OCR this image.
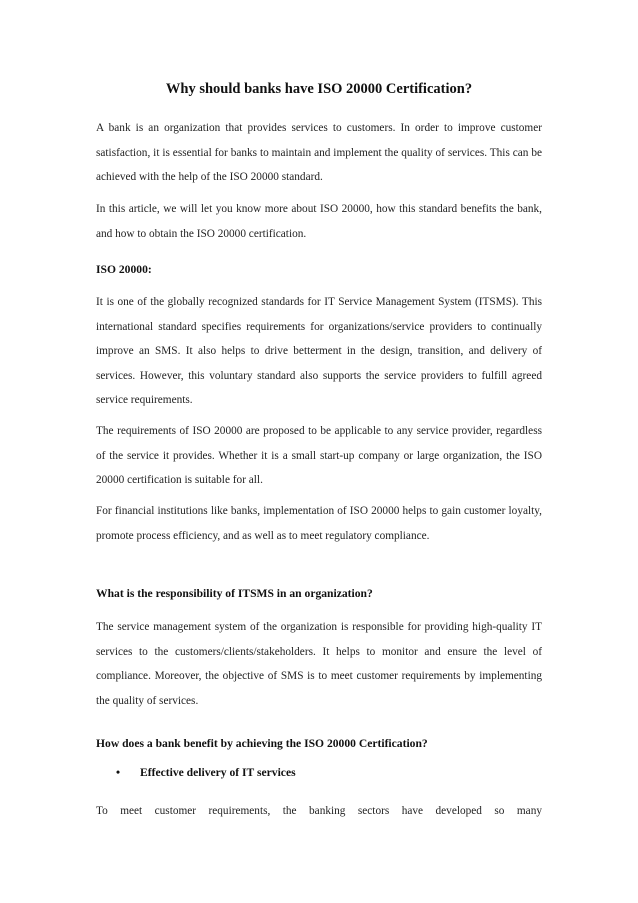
Why should banks have ISO 20000 Certification?

A bank is an organization that provides services to customers. In order to improve customer satisfaction, it is essential for banks to maintain and implement the quality of services. This can be achieved with the help of the ISO 20000 standard.

In this article, we will let you know more about ISO 20000, how this standard benefits the bank, and how to obtain the ISO 20000 certification.

ISO 20000:

It is one of the globally recognized standards for IT Service Management System (ITSMS). This international standard specifies requirements for organizations/service providers to continually improve an SMS. It also helps to drive betterment in the design, transition, and delivery of services. However, this voluntary standard also supports the service providers to fulfill agreed service requirements.

The requirements of ISO 20000 are proposed to be applicable to any service provider, regardless of the service it provides. Whether it is a small start-up company or large organization, the ISO 20000 certification is suitable for all.

For financial institutions like banks, implementation of ISO 20000 helps to gain customer loyalty, promote process efficiency, and as well as to meet regulatory compliance.

What is the responsibility of ITSMS in an organization?

The service management system of the organization is responsible for providing high-quality IT services to the customers/clients/stakeholders. It helps to monitor and ensure the level of compliance. Moreover, the objective of SMS is to meet customer requirements by implementing the quality of services.

How does a bank benefit by achieving the ISO 20000 Certification?

• Effective delivery of IT services

To meet customer requirements, the banking sectors have developed so many
